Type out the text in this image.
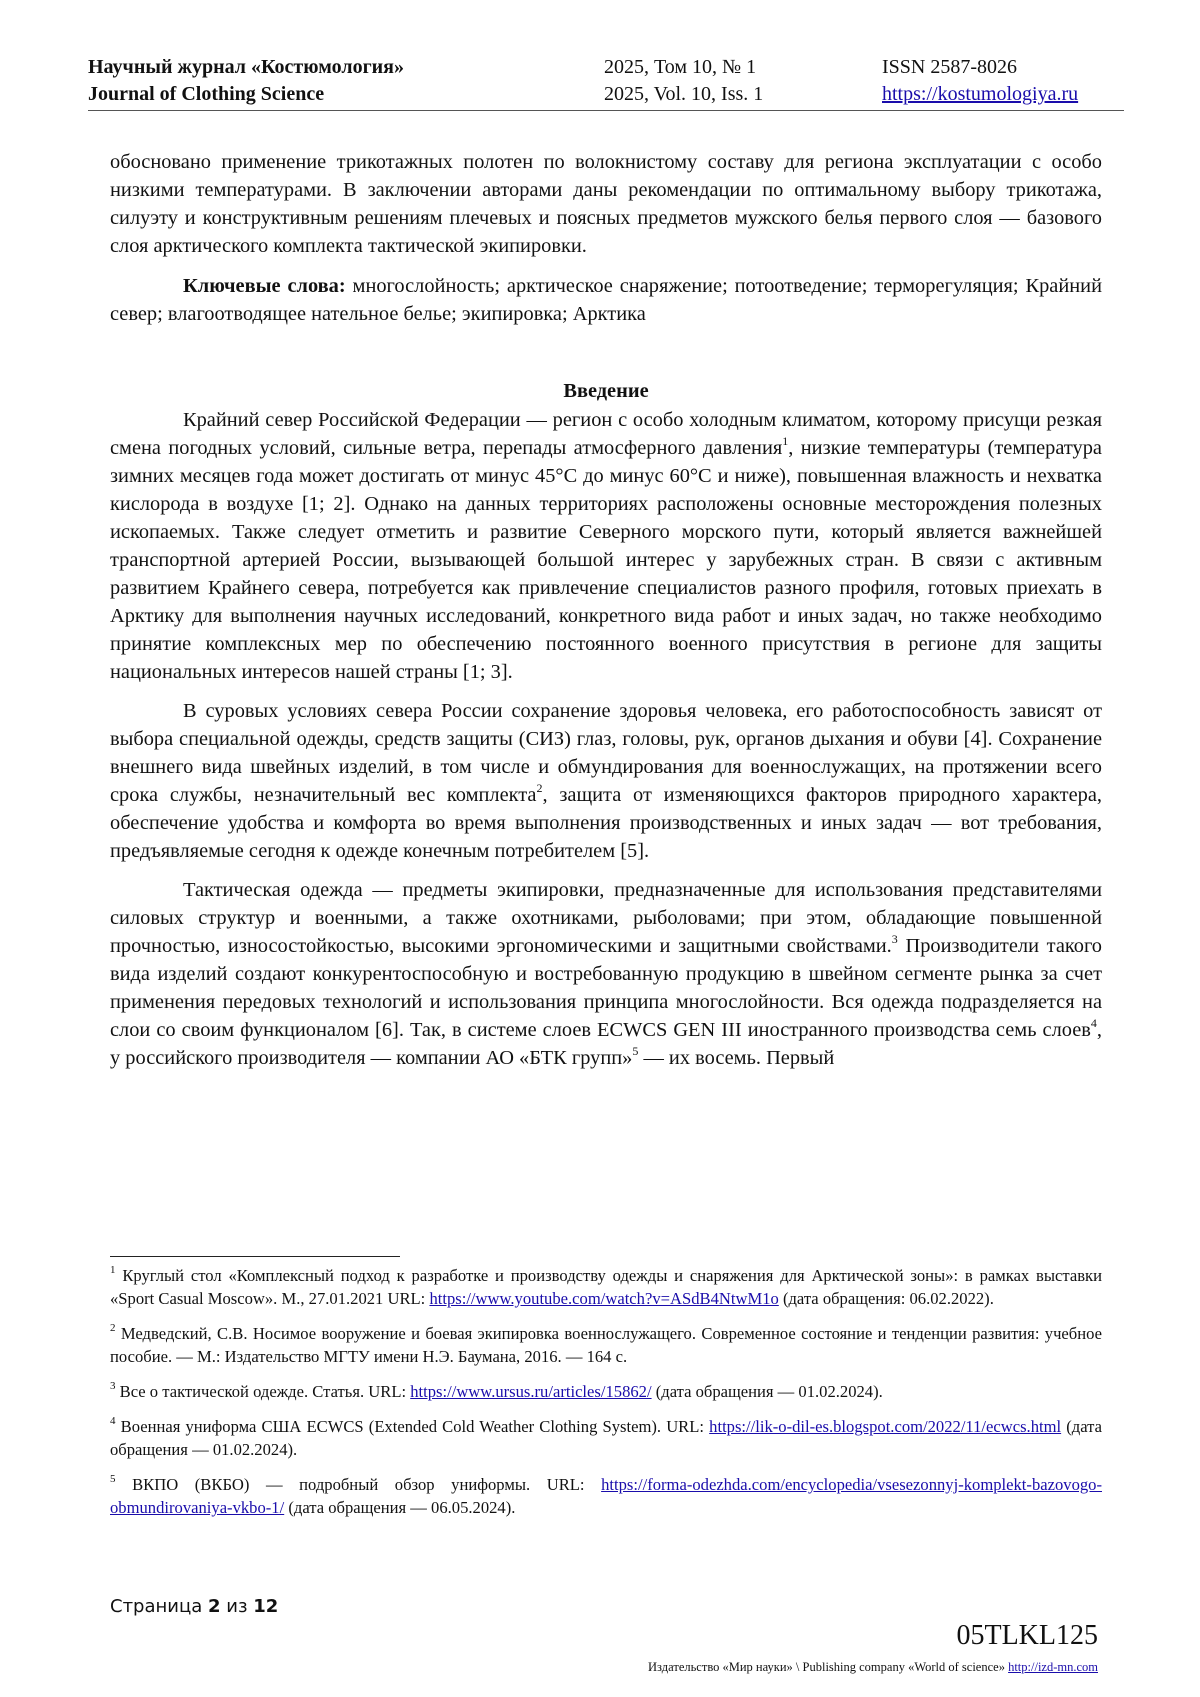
Научный журнал «Костюмология»
Journal of Clothing Science
2025, Том 10, № 1
2025, Vol. 10, Iss. 1
ISSN 2587-8026
https://kostumologiya.ru

обосновано применение трикотажных полотен по волокнистому составу для региона эксплуатации с особо низкими температурами. В заключении авторами даны рекомендации по оптимальному выбору трикотажа, силуэту и конструктивным решениям плечевых и поясных предметов мужского белья первого слоя — базового слоя арктического комплекта тактической экипировки.

Ключевые слова: многослойность; арктическое снаряжение; потоотведение; терморегуляция; Крайний север; влагоотводящее нательное белье; экипировка; Арктика

Введение

Крайний север Российской Федерации — регион с особо холодным климатом, которому присущи резкая смена погодных условий, сильные ветра, перепады атмосферного давления$^1$, низкие температуры (температура зимних месяцев года может достигать от минус 45°С до минус 60°С и ниже), повышенная влажность и нехватка кислорода в воздухе [1; 2]. Однако на данных территориях расположены основные месторождения полезных ископаемых. Также следует отметить и развитие Северного морского пути, который является важнейшей транспортной артерией России, вызывающей большой интерес у зарубежных стран. В связи с активным развитием Крайнего севера, потребуется как привлечение специалистов разного профиля, готовых приехать в Арктику для выполнения научных исследований, конкретного вида работ и иных задач, но также необходимо принятие комплексных мер по обеспечению постоянного военного присутствия в регионе для защиты национальных интересов нашей страны [1; 3].

В суровых условиях севера России сохранение здоровья человека, его работоспособность зависят от выбора специальной одежды, средств защиты (СИЗ) глаз, головы, рук, органов дыхания и обуви [4]. Сохранение внешнего вида швейных изделий, в том числе и обмундирования для военнослужащих, на протяжении всего срока службы, незначительный вес комплекта$^2$, защита от изменяющихся факторов природного характера, обеспечение удобства и комфорта во время выполнения производственных и иных задач — вот требования, предъявляемые сегодня к одежде конечным потребителем [5].

Тактическая одежда — предметы экипировки, предназначенные для использования представителями силовых структур и военными, а также охотниками, рыболовами; при этом, обладающие повышенной прочностью, износостойкостью, высокими эргономическими и защитными свойствами.$^3$ Производители такого вида изделий создают конкурентоспособную и востребованную продукцию в швейном сегменте рынка за счет применения передовых технологий и использования принципа многослойности. Вся одежда подразделяется на слои со своим функционалом [6]. Так, в системе слоев ECWCS GEN III иностранного производства семь слоев$^4$, у российского производителя — компании АО «БТК групп»$^5$ — их восемь. Первый

$^1$ Круглый стол «Комплексный подход к разработке и производству одежды и снаряжения для Арктической зоны»: в рамках выставки «Sport Casual Moscow». М., 27.01.2021 URL: https://www.youtube.com/watch?v=ASdB4NtwM1o (дата обращения: 06.02.2022).

$^2$ Медведский, С.В. Носимое вооружение и боевая экипировка военнослужащего. Современное состояние и тенденции развития: учебное пособие. — М.: Издательство МГТУ имени Н.Э. Баумана, 2016. — 164 с.

$^3$ Все о тактической одежде. Статья. URL: https://www.ursus.ru/articles/15862/ (дата обращения — 01.02.2024).

$^4$ Военная униформа США ECWCS (Extended Cold Weather Clothing System). URL: https://lik-o-dil-es.blogspot.com/2022/11/ecwcs.html (дата обращения — 01.02.2024).

$^5$ ВКПО (ВКБО) — подробный обзор униформы. URL: https://forma-odezhda.com/encyclopedia/vsesezonnyj-komplekt-bazovogo-obmundirovaniya-vkbo-1/ (дата обращения — 06.05.2024).

Страница 2 из 12
05TLKL125
Издательство «Мир науки» \ Publishing company «World of science» http://izd-mn.com
